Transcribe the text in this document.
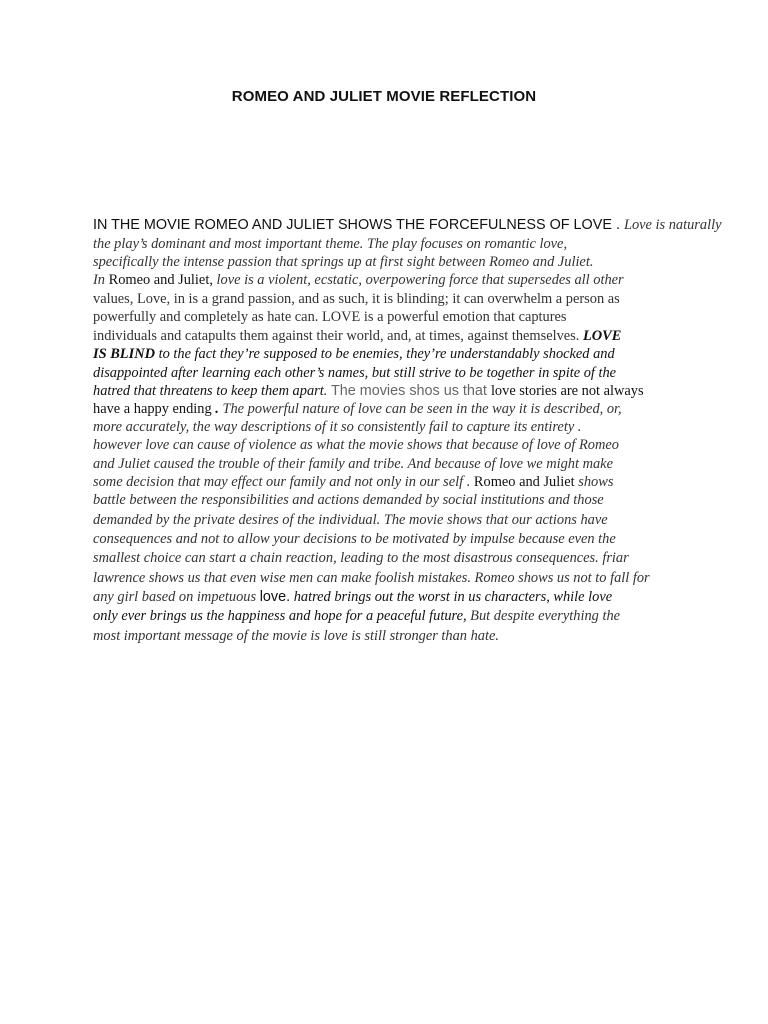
ROMEO AND JULIET MOVIE REFLECTION
IN THE MOVIE ROMEO AND JULIET SHOWS THE FORCEFULNESS OF LOVE . Love is naturally
the play’s dominant and most important theme. The play focuses on romantic love,
specifically the intense passion that springs up at first sight between Romeo and Juliet.
In Romeo and Juliet, love is a violent, ecstatic, overpowering force that supersedes all other
values, Love, in is a grand passion, and as such, it is blinding; it can overwhelm a person as
powerfully and completely as hate can. LOVE is a powerful emotion that captures
individuals and catapults them against their world, and, at times, against themselves. LOVE
IS BLIND to the fact they’re supposed to be enemies, they’re understandably shocked and
disappointed after learning each other’s names, but still strive to be together in spite of the
hatred that threatens to keep them apart. The movies shos us that love stories are not always
have a happy ending . The powerful nature of love can be seen in the way it is described, or,
more accurately, the way descriptions of it so consistently fail to capture its entirety .
however love can cause of violence as what the movie shows that because of love of Romeo
and Juliet caused the trouble of their family and tribe. And because of love we might make
some decision that may effect our family and not only in our self . Romeo and Juliet shows
battle between the responsibilities and actions demanded by social institutions and those
demanded by the private desires of the individual. The movie shows that our actions have
consequences and not to allow your decisions to be motivated by impulse because even the
smallest choice can start a chain reaction, leading to the most disastrous consequences. friar
lawrence shows us that even wise men can make foolish mistakes. Romeo shows us not to fall for
any girl based on impetuous love. hatred brings out the worst in us characters, while love
only ever brings us the happiness and hope for a peaceful future, But despite everything the
most important message of the movie is love is still stronger than hate.
